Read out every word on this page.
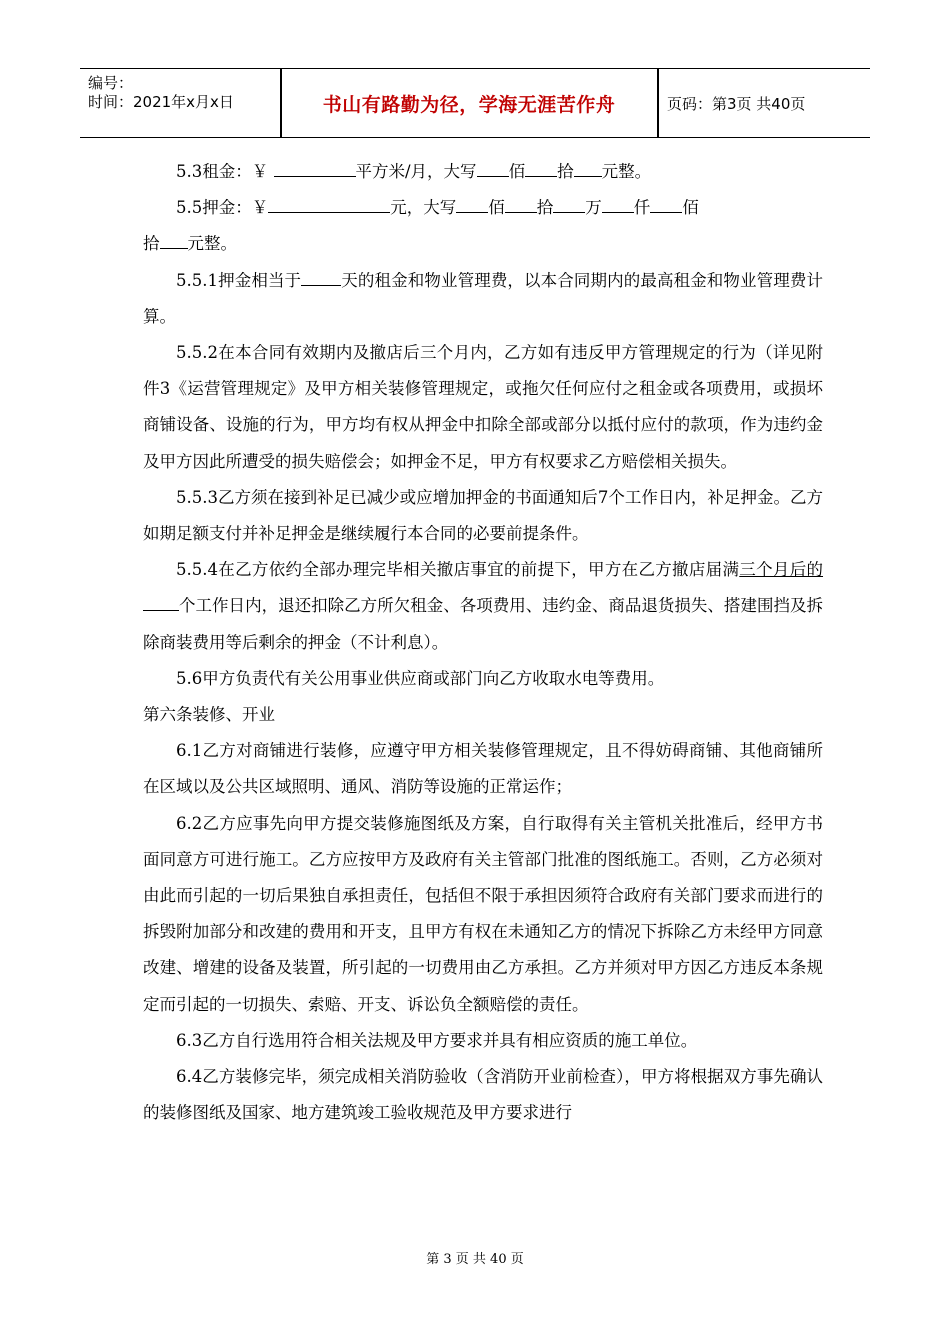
编号：
时间：2021年x月x日	书山有路勤为径，学海无涯苦作舟	页码：第3页 共40页

5.3租金：￥	平方米/月，大写 佰 拾 元整。

5.5押金：￥	元，大写 佰 拾 万 仟 佰
拾 元整。

5.5.1押金相当于 天的租金和物业管理费，以本合同期内的最高租金和物业管理费计算。

5.5.2在本合同有效期内及撤店后三个月内，乙方如有违反甲方管理规定的行为（详见附件3《运营管理规定》及甲方相关装修管理规定，或拖欠任何应付之租金或各项费用，或损坏商铺设备、设施的行为，甲方均有权从押金中扣除全部或部分以抵付应付的款项，作为违约金及甲方因此所遭受的损失赔偿会；如押金不足，甲方有权要求乙方赔偿相关损失。

5.5.3乙方须在接到补足已减少或应增加押金的书面通知后7个工作日内，补足押金。乙方如期足额支付并补足押金是继续履行本合同的必要前提条件。

5.5.4在乙方依约全部办理完毕相关撤店事宜的前提下，甲方在乙方撤店届满三个月后的个工作日内，退还扣除乙方所欠租金、各项费用、违约金、商品退货损失、搭建围挡及拆除商装费用等后剩余的押金（不计利息）。

5.6甲方负责代有关公用事业供应商或部门向乙方收取水电等费用。

第六条装修、开业

6.1乙方对商铺进行装修，应遵守甲方相关装修管理规定，且不得妨碍商铺、其他商铺所在区域以及公共区域照明、通风、消防等设施的正常运作；

6.2乙方应事先向甲方提交装修施图纸及方案，自行取得有关主管机关批准后，经甲方书面同意方可进行施工。乙方应按甲方及政府有关主管部门批准的图纸施工。否则，乙方必须对由此而引起的一切后果独自承担责任，包括但不限于承担因须符合政府有关部门要求而进行的拆毁附加部分和改建的费用和开支，且甲方有权在未通知乙方的情况下拆除乙方未经甲方同意改建、增建的设备及装置，所引起的一切费用由乙方承担。乙方并须对甲方因乙方违反本条规定而引起的一切损失、索赔、开支、诉讼负全额赔偿的责任。

6.3乙方自行选用符合相关法规及甲方要求并具有相应资质的施工单位。

6.4乙方装修完毕，须完成相关消防验收（含消防开业前检查），甲方将根据双方事先确认的装修图纸及国家、地方建筑竣工验收规范及甲方要求进行

第 3 页 共 40 页
